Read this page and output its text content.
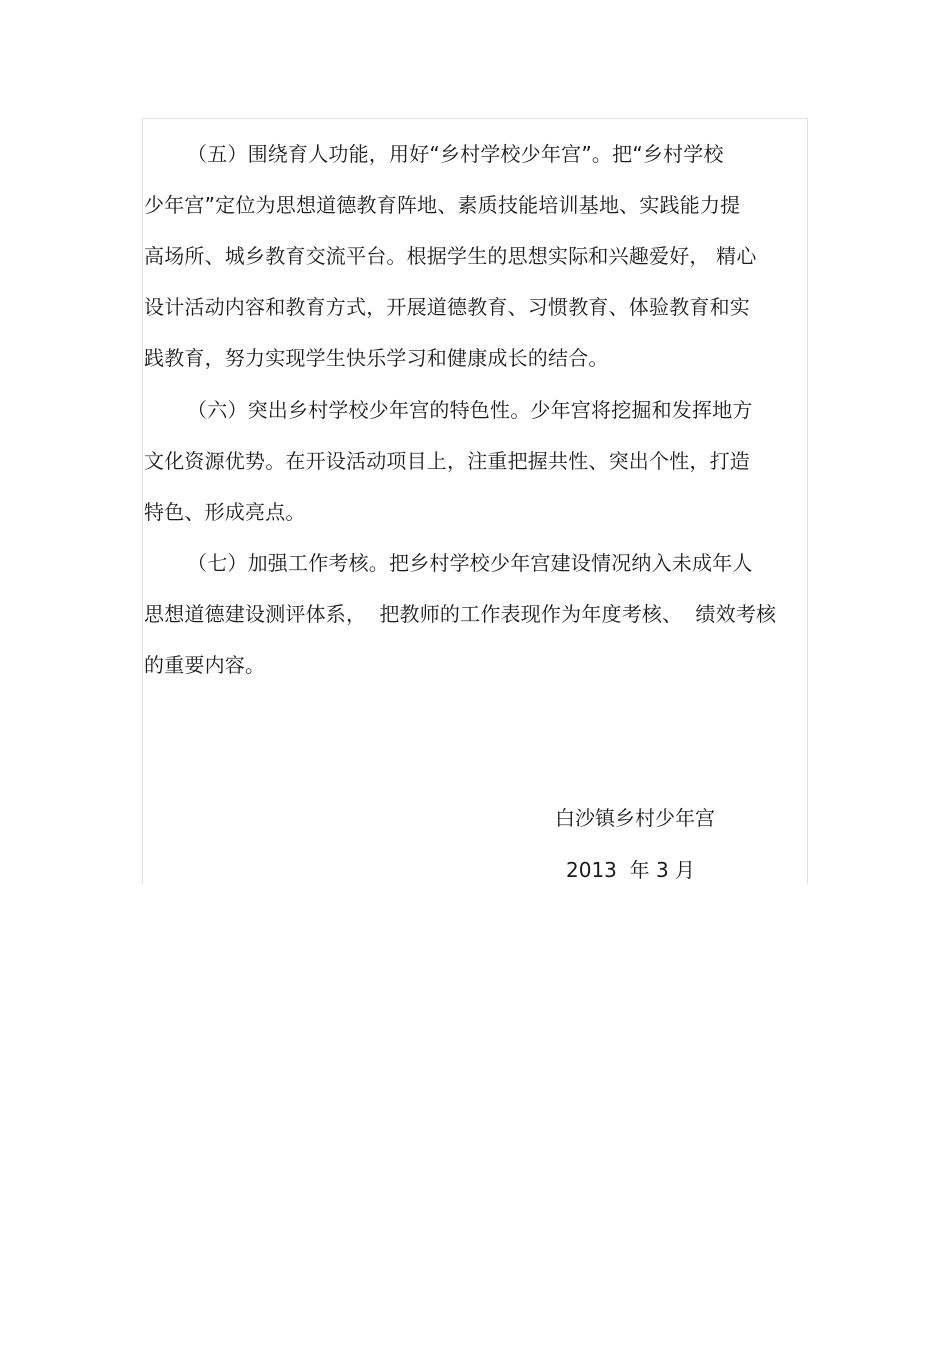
（五）围绕育人功能，用好“乡村学校少年宫”。把“乡村学校
少年宫”定位为思想道德教育阵地、素质技能培训基地、实践能力提
高场所、城乡教育交流平台。根据学生的思想实际和兴趣爱好， 精心
设计活动内容和教育方式，开展道德教育、习惯教育、体验教育和实
践教育，努力实现学生快乐学习和健康成长的结合。
（六）突出乡村学校少年宫的特色性。少年宫将挖掘和发挥地方
文化资源优势。在开设活动项目上，注重把握共性、突出个性，打造
特色、形成亮点。
（七）加强工作考核。把乡村学校少年宫建设情况纳入未成年人
思想道德建设测评体系，  把教师的工作表现作为年度考核、  绩效考核
的重要内容。
白沙镇乡村少年宫
2013  年 3 月
